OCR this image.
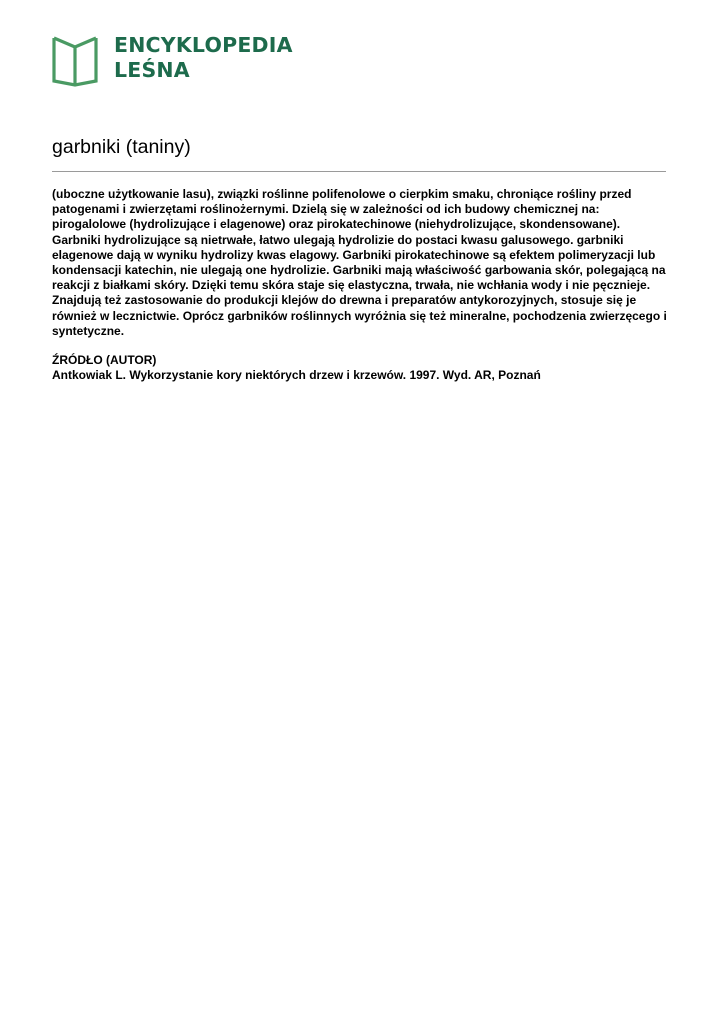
ENCYKLOPEDIA
LEŚNA
garbniki (taniny)

(uboczne użytkowanie lasu), związki roślinne polifenolowe o cierpkim smaku, chroniące rośliny przed patogenami i zwierzętami roślinożernymi. Dzielą się w zależności od ich budowy chemicznej na: pirogalolowe (hydrolizujące i elagenowe) oraz pirokatechinowe (niehydrolizujące, skondensowane). Garbniki hydrolizujące są nietrwałe, łatwo ulegają hydrolizie do postaci kwasu galusowego. garbniki elagenowe dają w wyniku hydrolizy kwas elagowy. Garbniki pirokatechinowe są efektem polimeryzacji lub kondensacji katechin, nie ulegają one hydrolizie. Garbniki mają właściwość garbowania skór, polegającą na reakcji z białkami skóry. Dzięki temu skóra staje się elastyczna, trwała, nie wchłania wody i nie pęcznieje. Znajdują też zastosowanie do produkcji klejów do drewna i preparatów antykorozyjnych, stosuje się je również w lecznictwie. Oprócz garbników roślinnych wyróżnia się też mineralne, pochodzenia zwierzęcego i syntetyczne.

ŹRÓDŁO (AUTOR)
Antkowiak L. Wykorzystanie kory niektórych drzew i krzewów. 1997. Wyd. AR, Poznań
